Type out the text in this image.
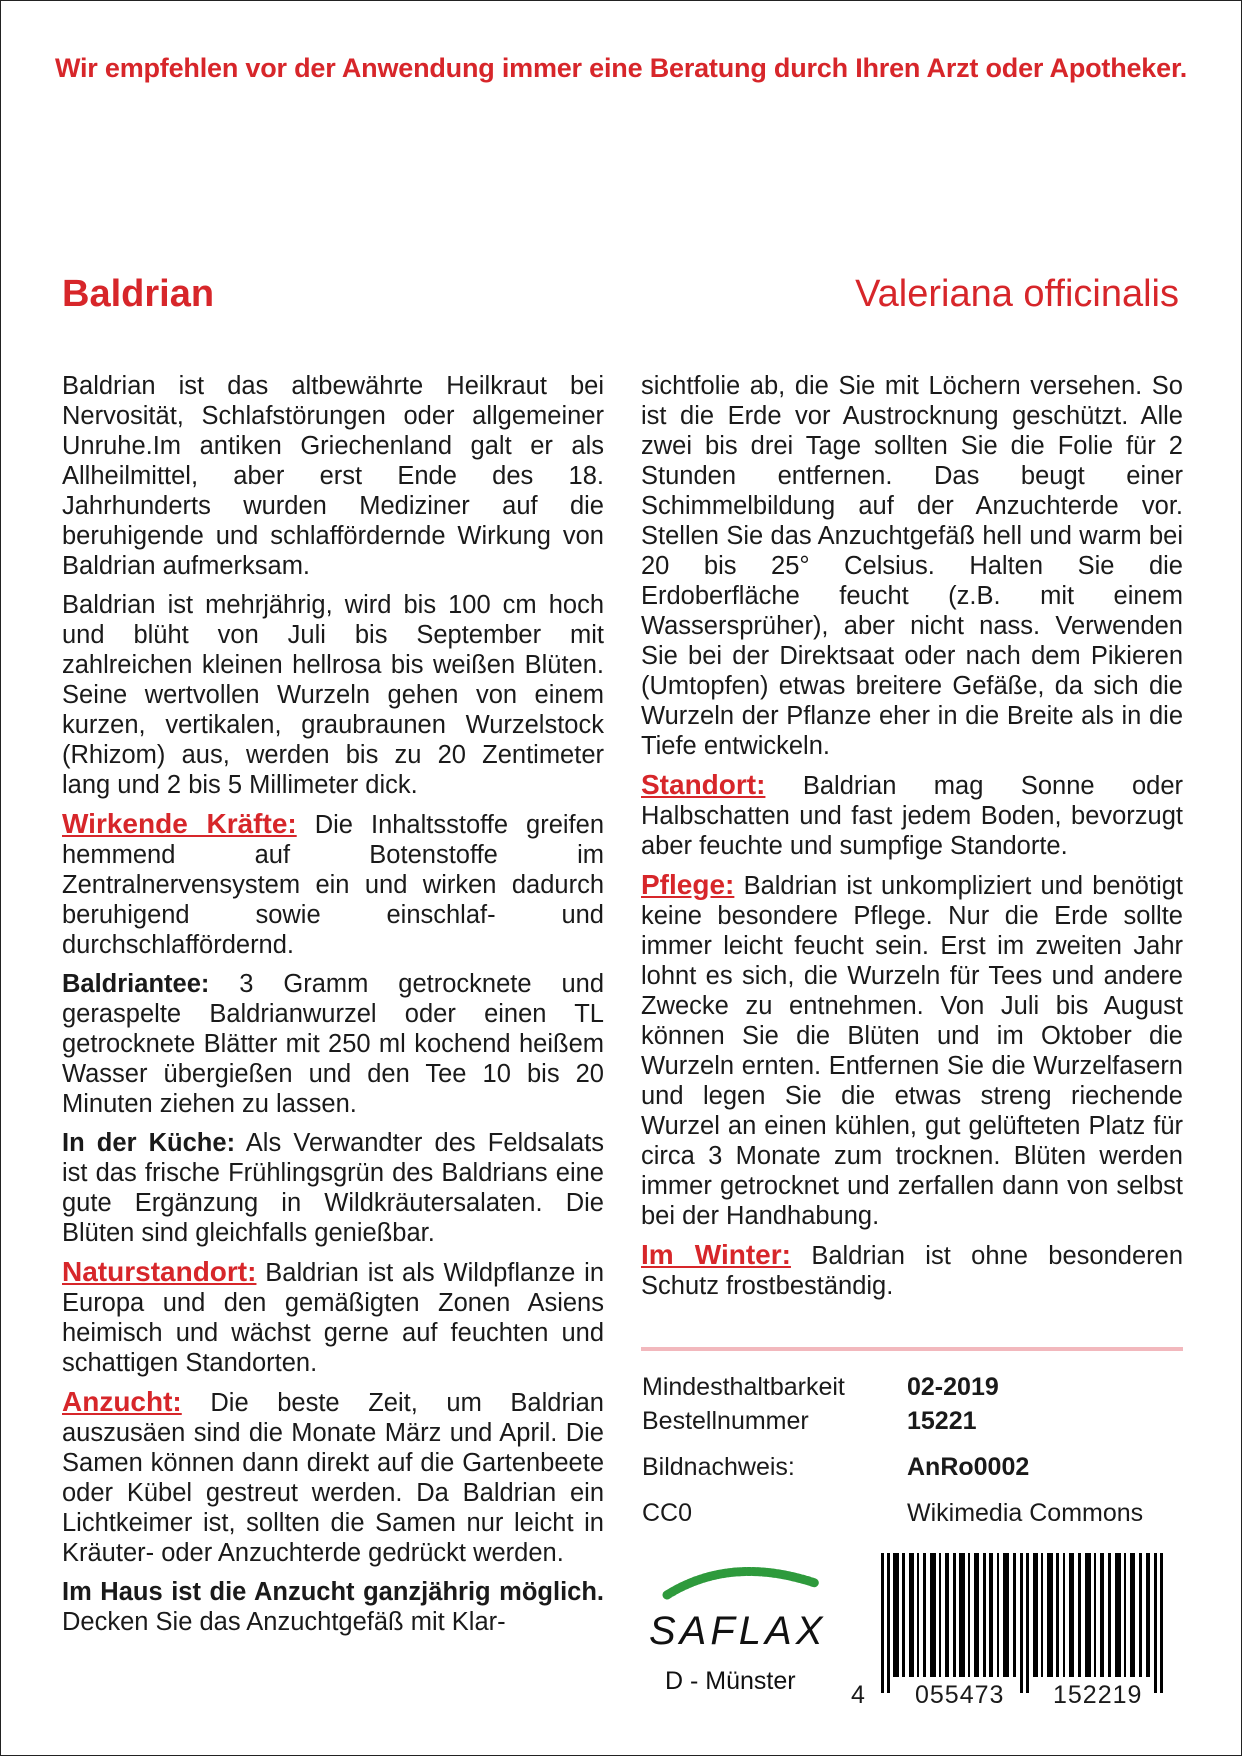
Wir empfehlen vor der Anwendung immer eine Beratung durch Ihren Arzt oder Apotheker.
Baldrian	Valeriana officinalis

Baldrian ist das altbewährte Heilkraut bei Nervosität, Schlafstörungen oder allgemeiner Unruhe.Im antiken Griechenland galt er als Allheilmittel, aber erst Ende des 18. Jahrhunderts wurden Mediziner auf die beruhigende und schlaffördernde Wirkung von Baldrian aufmerksam.

Baldrian ist mehrjährig, wird bis 100 cm hoch und blüht von Juli bis September mit zahlreichen kleinen hellrosa bis weißen Blüten. Seine wertvollen Wurzeln gehen von einem kurzen, vertikalen, graubraunen Wurzelstock (Rhizom) aus, werden bis zu 20 Zentimeter lang und 2 bis 5 Millimeter dick.

Wirkende Kräfte: Die Inhaltsstoffe greifen hemmend auf Botenstoffe im Zentralnervensystem ein und wirken dadurch beruhigend sowie einschlaf- und durchschlaffördernd.

Baldriantee: 3 Gramm getrocknete und geraspelte Baldrianwurzel oder einen TL getrocknete Blätter mit 250 ml kochend heißem Wasser übergießen und den Tee 10 bis 20 Minuten ziehen zu lassen.

In der Küche: Als Verwandter des Feldsalats ist das frische Frühlingsgrün des Baldrians eine gute Ergänzung in Wildkräutersalaten. Die Blüten sind gleichfalls genießbar.

Naturstandort: Baldrian ist als Wildpflanze in Europa und den gemäßigten Zonen Asiens heimisch und wächst gerne auf feuchten und schattigen Standorten.

Anzucht: Die beste Zeit, um Baldrian auszusäen sind die Monate März und April. Die Samen können dann direkt auf die Gartenbeete oder Kübel gestreut werden. Da Baldrian ein Lichtkeimer ist, sollten die Samen nur leicht in Kräuter- oder Anzuchterde gedrückt werden.

Im Haus ist die Anzucht ganzjährig möglich. Decken Sie das Anzuchtgefäß mit Klar-

sichtfolie ab, die Sie mit Löchern versehen. So ist die Erde vor Austrocknung geschützt. Alle zwei bis drei Tage sollten Sie die Folie für 2 Stunden entfernen. Das beugt einer Schimmelbildung auf der Anzuchterde vor. Stellen Sie das Anzuchtgefäß hell und warm bei 20 bis 25° Celsius. Halten Sie die Erdoberfläche feucht (z.B. mit einem Wassersprüher), aber nicht nass. Verwenden Sie bei der Direktsaat oder nach dem Pikieren (Umtopfen) etwas breitere Gefäße, da sich die Wurzeln der Pflanze eher in die Breite als in die Tiefe entwickeln.

Standort: Baldrian mag Sonne oder Halbschatten und fast jedem Boden, bevorzugt aber feuchte und sumpfige Standorte.

Pflege: Baldrian ist unkompliziert und benötigt keine besondere Pflege. Nur die Erde sollte immer leicht feucht sein. Erst im zweiten Jahr lohnt es sich, die Wurzeln für Tees und andere Zwecke zu entnehmen. Von Juli bis August können Sie die Blüten und im Oktober die Wurzeln ernten. Entfernen Sie die Wurzelfasern und legen Sie die etwas streng riechende Wurzel an einen kühlen, gut gelüfteten Platz für circa 3 Monate zum trocknen. Blüten werden immer getrocknet und zerfallen dann von selbst bei der Handhabung.

Im Winter: Baldrian ist ohne besonderen Schutz frostbeständig.

Mindesthaltbarkeit 02-2019
Bestellnummer	15221
Bildnachweis:	AnRo0002
CC0	Wikimedia Commons
SAFLAX
D - Münster 4	055473	152219
